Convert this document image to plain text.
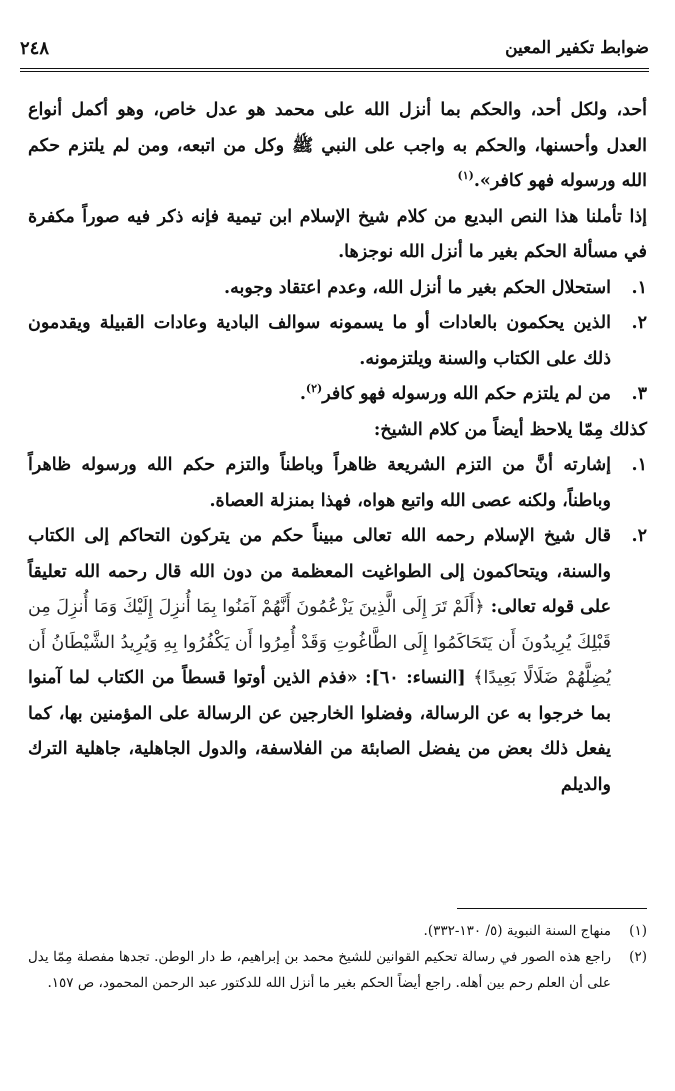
ضوابط تكفير المعين
٢٤٨

أحد، ولكل أحد، والحكم بما أنزل الله على محمد هو عدل خاص، وهو أكمل أنواع العدل وأحسنها، والحكم به واجب على النبي ﷺ وكل من اتبعه، ومن لم يلتزم حكم الله ورسوله فهو كافر».$^{(١)}$

إذا تأملنا هذا النص البديع من كلام شيخ الإسلام ابن تيمية فإنه ذكر فيه صوراً مكفرة في مسألة الحكم بغير ما أنزل الله نوجزها.

١.
استحلال الحكم بغير ما أنزل الله، وعدم اعتقاد وجوبه.
٢.
الذين يحكمون بالعادات أو ما يسمونه سوالف البادية وعادات القبيلة ويقدمون ذلك على الكتاب والسنة ويلتزمونه.
٣.
من لم يلتزم حكم الله ورسوله فهو كافر$^{(٢)}$.

كذلك مِمّا يلاحظ أيضاً من كلام الشيخ:

١.
إشارته أنَّ من التزم الشريعة ظاهراً وباطناً والتزم حكم الله ورسوله ظاهراً وباطناً، ولكنه عصى الله واتبع هواه، فهذا بمنزلة العصاة.
٢.
قال شيخ الإسلام رحمه الله تعالى مبيناً حكم من يتركون التحاكم إلى الكتاب والسنة، ويتحاكمون إلى الطواغيت المعظمة من دون الله قال رحمه الله تعليقاً على قوله تعالى: ﴿أَلَمْ تَرَ إِلَى الَّذِينَ يَزْعُمُونَ أَنَّهُمْ آمَنُوا بِمَا أُنزِلَ إِلَيْكَ وَمَا أُنزِلَ مِن قَبْلِكَ يُرِيدُونَ أَن يَتَحَاكَمُوا إِلَى الطَّاغُوتِ وَقَدْ أُمِرُوا أَن يَكْفُرُوا بِهِ وَيُرِيدُ الشَّيْطَانُ أَن يُضِلَّهُمْ ضَلَالًا بَعِيدًا﴾ [النساء: ٦٠]: «فذم الذين أوتوا قسطاً من الكتاب لما آمنوا بما خرجوا به عن الرسالة، وفضلوا الخارجين عن الرسالة على المؤمنين بها، كما يفعل ذلك بعض من يفضل الصابئة من الفلاسفة، والدول الجاهلية، جاهلية الترك والديلم
(١)
منهاج السنة النبوية (٥/ ١٣٠-٣٣٢).
(٢)
راجع هذه الصور في رسالة تحكيم القوانين للشيخ محمد بن إبراهيم، ط دار الوطن. تجدها مفصلة مِمّا يدل على أن العلم رحم بين أهله. راجع أيضاً الحكم بغير ما أنزل الله للدكتور عبد الرحمن المحمود، ص ١٥٧.
